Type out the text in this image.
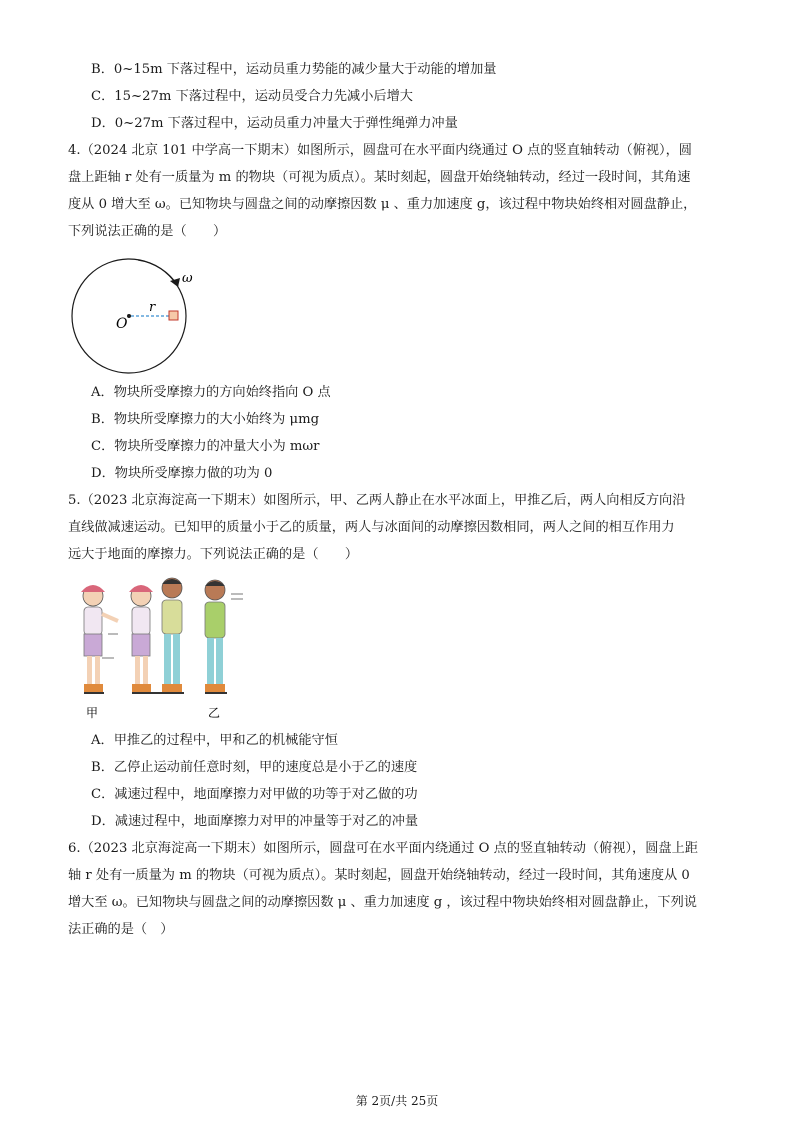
B．0~15m 下落过程中，运动员重力势能的减少量大于动能的增加量
C．15~27m 下落过程中，运动员受合力先减小后增大
D．0~27m 下落过程中，运动员重力冲量大于弹性绳弹力冲量
4.（2024 北京 101 中学高一下期末）如图所示，圆盘可在水平面内绕通过 O 点的竖直轴转动（俯视），圆
盘上距轴 r 处有一质量为 m 的物块（可视为质点）。某时刻起，圆盘开始绕轴转动，经过一段时间，其角速
度从 0 增大至 ω。已知物块与圆盘之间的动摩擦因数 μ 、重力加速度 g，该过程中物块始终相对圆盘静止，
下列说法正确的是（　　）
O
r
ω
A．物块所受摩擦力的方向始终指向 O 点
B．物块所受摩擦力的大小始终为 μmg
C．物块所受摩擦力的冲量大小为 mωr
D．物块所受摩擦力做的功为 0
5.（2023 北京海淀高一下期末）如图所示，甲、乙两人静止在水平冰面上，甲推乙后，两人向相反方向沿
直线做减速运动。已知甲的质量小于乙的质量，两人与冰面间的动摩擦因数相同，两人之间的相互作用力
远大于地面的摩擦力。下列说法正确的是（　　）
甲	乙
A．甲推乙的过程中，甲和乙的机械能守恒
B．乙停止运动前任意时刻，甲的速度总是小于乙的速度
C．减速过程中，地面摩擦力对甲做的功等于对乙做的功
D．减速过程中，地面摩擦力对甲的冲量等于对乙的冲量
6.（2023 北京海淀高一下期末）如图所示，圆盘可在水平面内绕通过 O 点的竖直轴转动（俯视），圆盘上距
轴 r 处有一质量为 m 的物块（可视为质点）。某时刻起，圆盘开始绕轴转动，经过一段时间，其角速度从 0
增大至 ω。已知物块与圆盘之间的动摩擦因数 μ 、重力加速度 g ，该过程中物块始终相对圆盘静止，下列说
法正确的是（　）
第 2页/共 25页
